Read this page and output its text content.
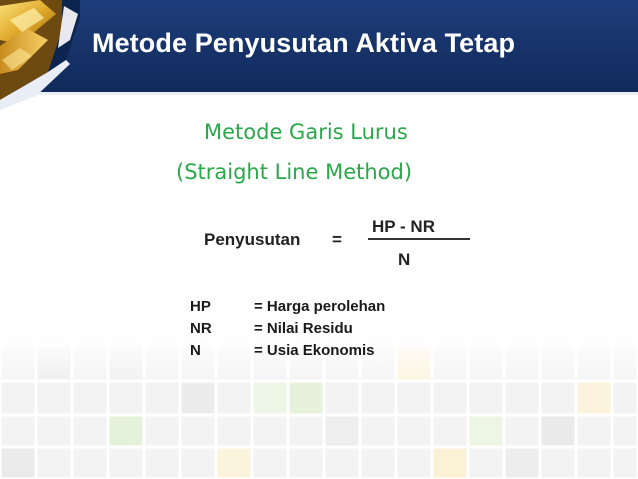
Metode Penyusutan Aktiva Tetap
Metode Garis Lurus
(Straight Line Method)
Penyusutan =
HP - NR
N
HP	= Harga perolehan
NR	= Nilai Residu
N	= Usia Ekonomis
